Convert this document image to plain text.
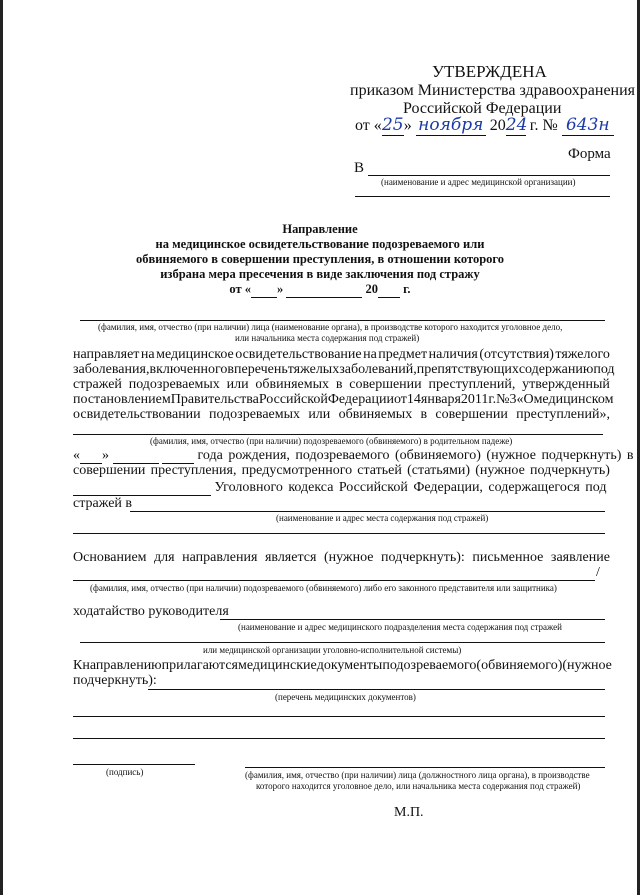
УТВЕРЖДЕНА
приказом Министерства здравоохранения
Российской Федерации
от «25» ноября 2024 г. № 643н
Форма
В
(наименование и адрес медицинской организации)
Направление
на медицинское освидетельствование подозреваемого или
обвиняемого в совершении преступления, в отношении которого
избрана мера пресечения в виде заключения под стражу
от « »	20 г.
(фамилия, имя, отчество (при наличии) лица (наименование органа), в производстве которого находится уголовное дело,
или начальника места содержания под стражей)
направляет на медицинское освидетельствование на предмет наличия (отсутствия) тяжелого
заболевания, включенного в перечень тяжелых заболеваний, препятствующих содержанию под
стражей подозреваемых или обвиняемых в совершении преступлений, утвержденный
постановлением Правительства Российской Федерации от 14 января 2011 г. № 3 «О медицинском
освидетельствовании подозреваемых или обвиняемых в совершении преступлений»,
(фамилия, имя, отчество (при наличии) подозреваемого (обвиняемого) в родительном падеже)
« »	года рождения, подозреваемого (обвиняемого) (нужное подчеркнуть) в
совершении преступления, предусмотренного статьей (статьями) (нужное подчеркнуть)

Уголовного кодекса Российской Федерации, содержащегося под
стражей в
(наименование и адрес места содержания под стражей)
Основанием для направления является (нужное подчеркнуть): письменное заявление
/
(фамилия, имя, отчество (при наличии) подозреваемого (обвиняемого) либо его законного представителя или защитника)
ходатайство руководителя
(наименование и адрес медицинского подразделения места содержания под стражей
или медицинской организации уголовно-исполнительной системы)
К направлению прилагаются медицинские документы подозреваемого (обвиняемого) (нужное
подчеркнуть):
(перечень медицинских документов)
(подпись)	(фамилия, имя, отчество (при наличии) лица (должностного лица органа), в производстве
которого находится уголовное дело, или начальника места содержания под стражей)
М.П.
